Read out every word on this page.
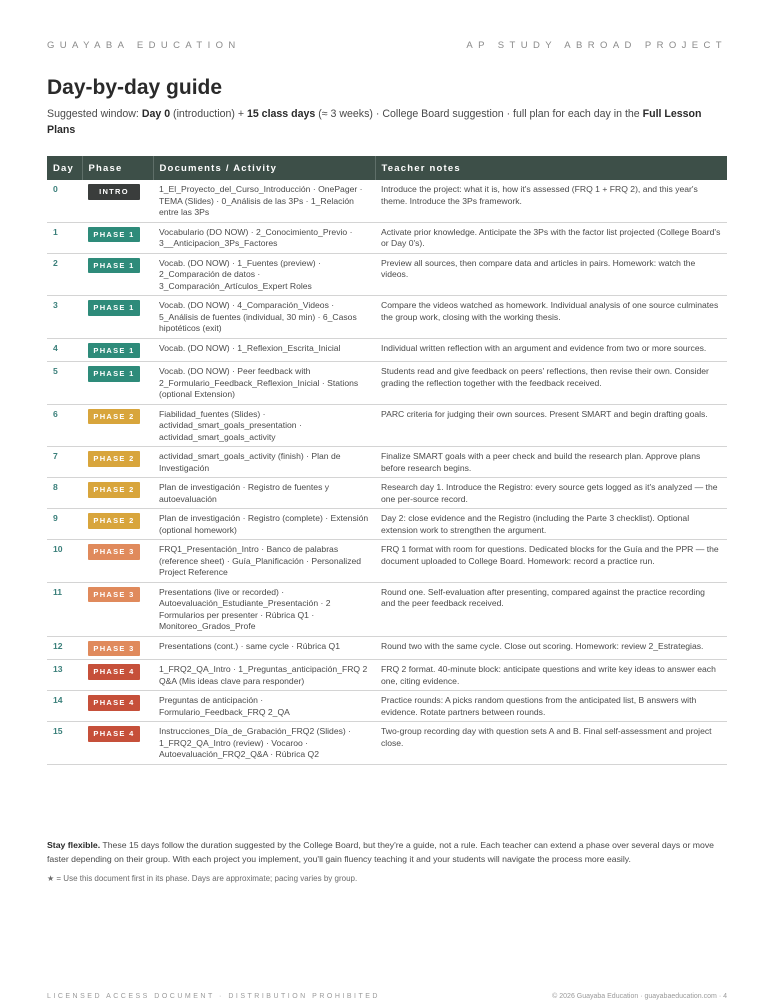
GUAYABA EDUCATION	AP STUDY ABROAD PROJECT
Day-by-day guide
Suggested window: Day 0 (introduction) + 15 class days (≈ 3 weeks) · College Board suggestion · full plan for each day in the Full Lesson Plans
Day	Phase	Documents / Activity	Teacher notes
0	INTRO	1_El_Proyecto_del_Curso_Introducción · OnePager · TEMA (Slides) · 0_Análisis de las 3Ps · 1_Relación entre las 3Ps	Introduce the project: what it is, how it's assessed (FRQ 1 + FRQ 2), and this year's theme. Introduce the 3Ps framework.
1	PHASE 1	Vocabulario (DO NOW) · 2_Conocimiento_Previo · 3__Anticipacion_3Ps_Factores	Activate prior knowledge. Anticipate the 3Ps with the factor list projected (College Board's or Day 0's).
2	PHASE 1	Vocab. (DO NOW) · 1_Fuentes (preview) · 2_Comparación de datos · 3_Comparación_Artículos_Expert Roles	Preview all sources, then compare data and articles in pairs. Homework: watch the videos.
3	PHASE 1	Vocab. (DO NOW) · 4_Comparación_Videos · 5_Análisis de fuentes (individual, 30 min) · 6_Casos hipotéticos (exit)	Compare the videos watched as homework. Individual analysis of one source culminates the group work, closing with the working thesis.
4	PHASE 1	Vocab. (DO NOW) · 1_Reflexion_Escrita_Inicial	Individual written reflection with an argument and evidence from two or more sources.
5	PHASE 1	Vocab. (DO NOW) · Peer feedback with 2_Formulario_Feedback_Reflexion_Inicial · Stations (optional Extension)	Students read and give feedback on peers' reflections, then revise their own. Consider grading the reflection together with the feedback received.
6	PHASE 2	Fiabilidad_fuentes (Slides) · actividad_smart_goals_presentation · actividad_smart_goals_activity	PARC criteria for judging their own sources. Present SMART and begin drafting goals.
7	PHASE 2	actividad_smart_goals_activity (finish) · Plan de Investigación	Finalize SMART goals with a peer check and build the research plan. Approve plans before research begins.
8	PHASE 2	Plan de investigación · Registro de fuentes y autoevaluación	Research day 1. Introduce the Registro: every source gets logged as it's analyzed — the one per-source record.
9	PHASE 2	Plan de investigación · Registro (complete) · Extensión (optional homework)	Day 2: close evidence and the Registro (including the Parte 3 checklist). Optional extension work to strengthen the argument.
10	PHASE 3	FRQ1_Presentación_Intro · Banco de palabras (reference sheet) · Guía_Planificación · Personalized Project Reference	FRQ 1 format with room for questions. Dedicated blocks for the Guía and the PPR — the document uploaded to College Board. Homework: record a practice run.
11	PHASE 3	Presentations (live or recorded) · Autoevaluación_Estudiante_Presentación · 2 Formularios per presenter · Rúbrica Q1 · Monitoreo_Grados_Profe	Round one. Self-evaluation after presenting, compared against the practice recording and the peer feedback received.
12	PHASE 3	Presentations (cont.) · same cycle · Rúbrica Q1	Round two with the same cycle. Close out scoring. Homework: review 2_Estrategias.
13	PHASE 4	1_FRQ2_QA_Intro · 1_Preguntas_anticipación_FRQ 2 Q&A (Mis ideas clave para responder)	FRQ 2 format. 40-minute block: anticipate questions and write key ideas to answer each one, citing evidence.
14	PHASE 4	Preguntas de anticipación · Formulario_Feedback_FRQ 2_QA	Practice rounds: A picks random questions from the anticipated list, B answers with evidence. Rotate partners between rounds.
15	PHASE 4	Instrucciones_Día_de_Grabación_FRQ2 (Slides) · 1_FRQ2_QA_Intro (review) · Vocaroo · Autoevaluación_FRQ2_Q&A · Rúbrica Q2	Two-group recording day with question sets A and B. Final self-assessment and project close.

Stay flexible. These 15 days follow the duration suggested by the College Board, but they're a guide, not a rule. Each teacher can extend a phase over several days or move faster depending on their group. With each project you implement, you'll gain fluency teaching it and your students will navigate the process more easily.

★ = Use this document first in its phase. Days are approximate; pacing varies by group.
LICENSED ACCESS DOCUMENT · DISTRIBUTION PROHIBITED	© 2026 Guayaba Education · guayabaeducation.com · 4
